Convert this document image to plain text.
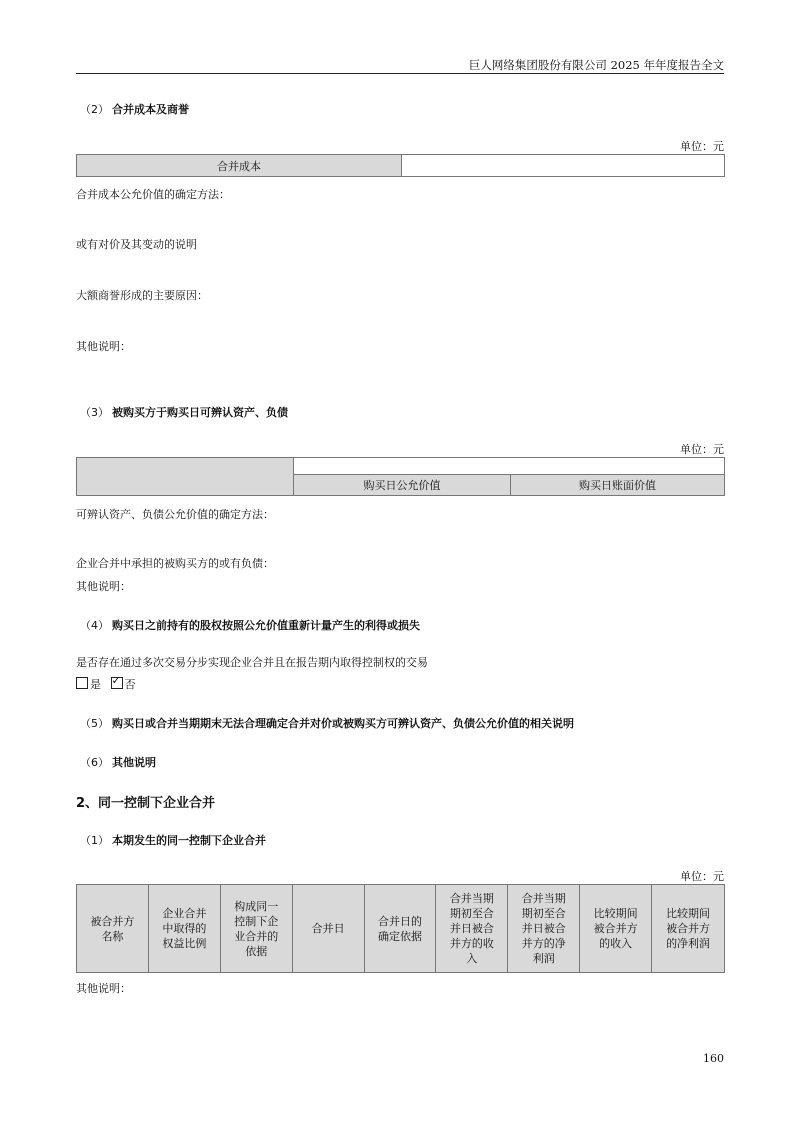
巨人网络集团股份有限公司 2025 年年度报告全文
（2） 合并成本及商誉
单位：元
合并成本	
合并成本公允价值的确定方法：
或有对价及其变动的说明
大额商誉形成的主要原因：
其他说明：
（3） 被购买方于购买日可辨认资产、负债
单位：元

	购买日公允价值	购买日账面价值
可辨认资产、负债公允价值的确定方法：
企业合并中承担的被购买方的或有负债：
其他说明：
（4） 购买日之前持有的股权按照公允价值重新计量产生的利得或损失
是否存在通过多次交易分步实现企业合并且在报告期内取得控制权的交易
是 ✓ 否
（5） 购买日或合并当期期末无法合理确定合并对价或被购买方可辨认资产、负债公允价值的相关说明
（6） 其他说明
2、同一控制下企业合并
（1） 本期发生的同一控制下企业合并
单位：元
被合并方
名称

企业合并
中取得的
权益比例

构成同一
控制下企
业合并的
依据

合并日

合并日的
确定依据

合并当期
期初至合
并日被合
并方的收
入

合并当期
期初至合
并日被合
并方的净
利润

比较期间
被合并方
的收入

比较期间
被合并方
的净利润
其他说明：
160
